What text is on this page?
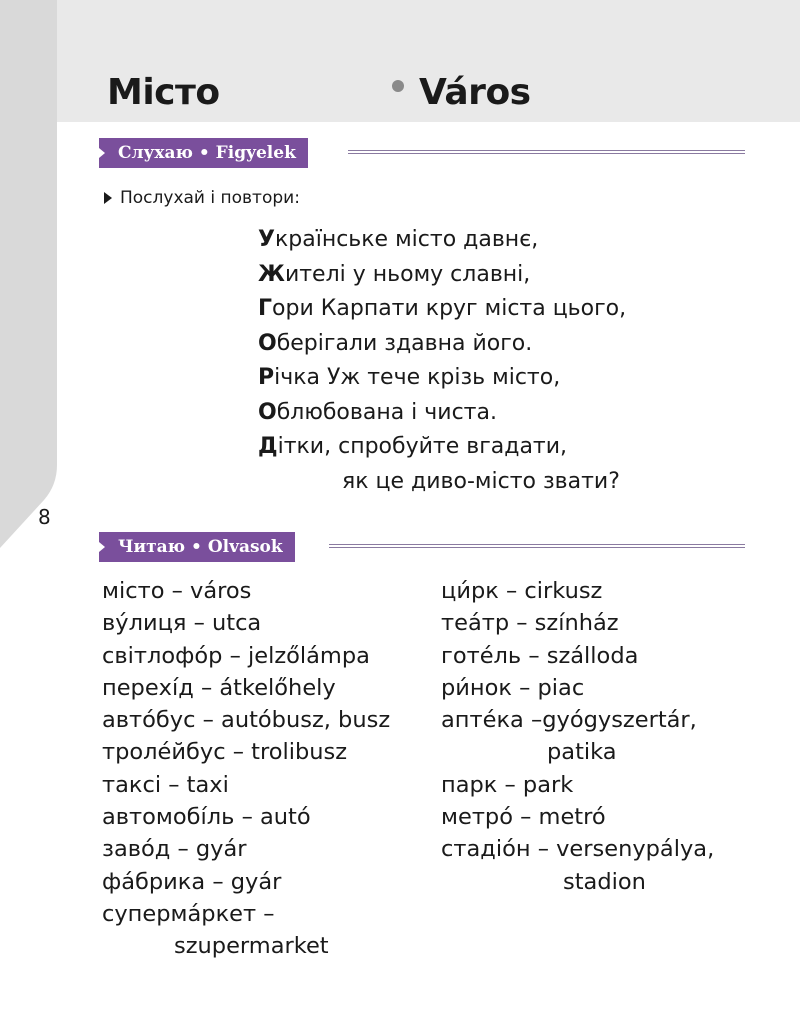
Місто	Város
Слухаю • Figyelek
Послухай і повтори:
Українське місто давнє,
Жителі у ньому славні,
Гори Карпати круг міста цього,
Оберігали здавна його.
Річка Уж тече крізь місто,
Облюбована і чиста.
Дітки, спробуйте вгадати,
як це диво-місто звати?
8
Читаю • Olvasok
місто – város
ву́лиця – utca
світлофо́р – jelzőlámpa
перехі́д – átkelőhely
авто́бус – autóbusz, busz
троле́йбус – trolibusz
таксі – taxi
автомобі́ль – autó
заво́д – gyár
фа́брика – gyár
суперма́ркет –
szupermarket
ци́рк – cirkusz
теа́тр – színház
готе́ль – szálloda
ри́нок – piac
апте́ка –gyógyszertár,
patika
парк – park
метро́ – metró
стадіо́н – versenypálya,
stadion
